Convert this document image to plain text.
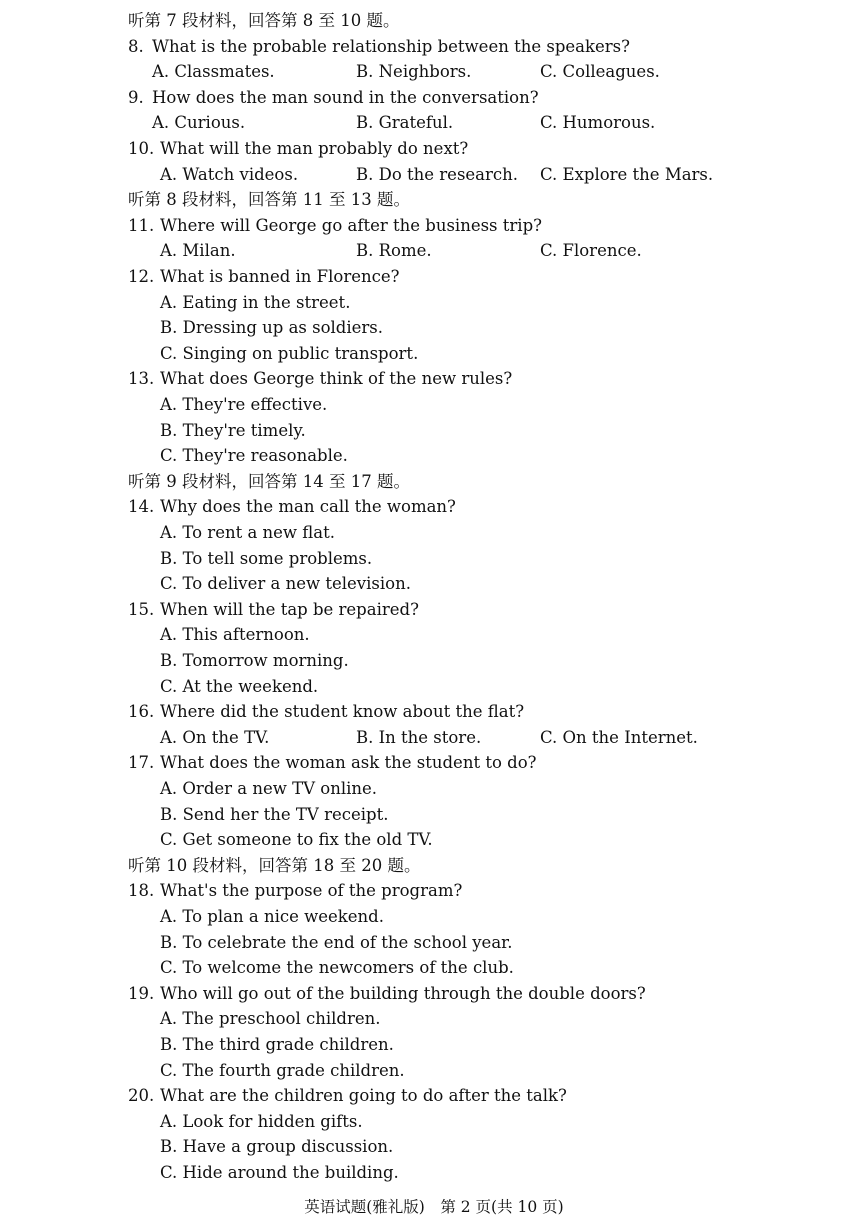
听第 7 段材料，回答第 8 至 10 题。
8. What is the probable relationship between the speakers?
A. Classmates.	B. Neighbors.	C. Colleagues.
9. How does the man sound in the conversation?
A. Curious.	B. Grateful.	C. Humorous.
10. What will the man probably do next?
A. Watch videos.	B. Do the research. C. Explore the Mars.
听第 8 段材料，回答第 11 至 13 题。
11. Where will George go after the business trip?
A. Milan.	B. Rome.	C. Florence.
12. What is banned in Florence?
A. Eating in the street.
B. Dressing up as soldiers.
C. Singing on public transport.
13. What does George think of the new rules?
A. They're effective.
B. They're timely.
C. They're reasonable.
听第 9 段材料，回答第 14 至 17 题。
14. Why does the man call the woman?
A. To rent a new flat.
B. To tell some problems.
C. To deliver a new television.
15. When will the tap be repaired?
A. This afternoon.
B. Tomorrow morning.
C. At the weekend.
16. Where did the student know about the flat?
A. On the TV.	B. In the store.	C. On the Internet.
17. What does the woman ask the student to do?
A. Order a new TV online.
B. Send her the TV receipt.
C. Get someone to fix the old TV.
听第 10 段材料，回答第 18 至 20 题。
18. What's the purpose of the program?
A. To plan a nice weekend.
B. To celebrate the end of the school year.
C. To welcome the newcomers of the club.
19. Who will go out of the building through the double doors?
A. The preschool children.
B. The third grade children.
C. The fourth grade children.
20. What are the children going to do after the talk?
A. Look for hidden gifts.
B. Have a group discussion.
C. Hide around the building.
英语试题(雅礼版)　第 2 页(共 10 页)
